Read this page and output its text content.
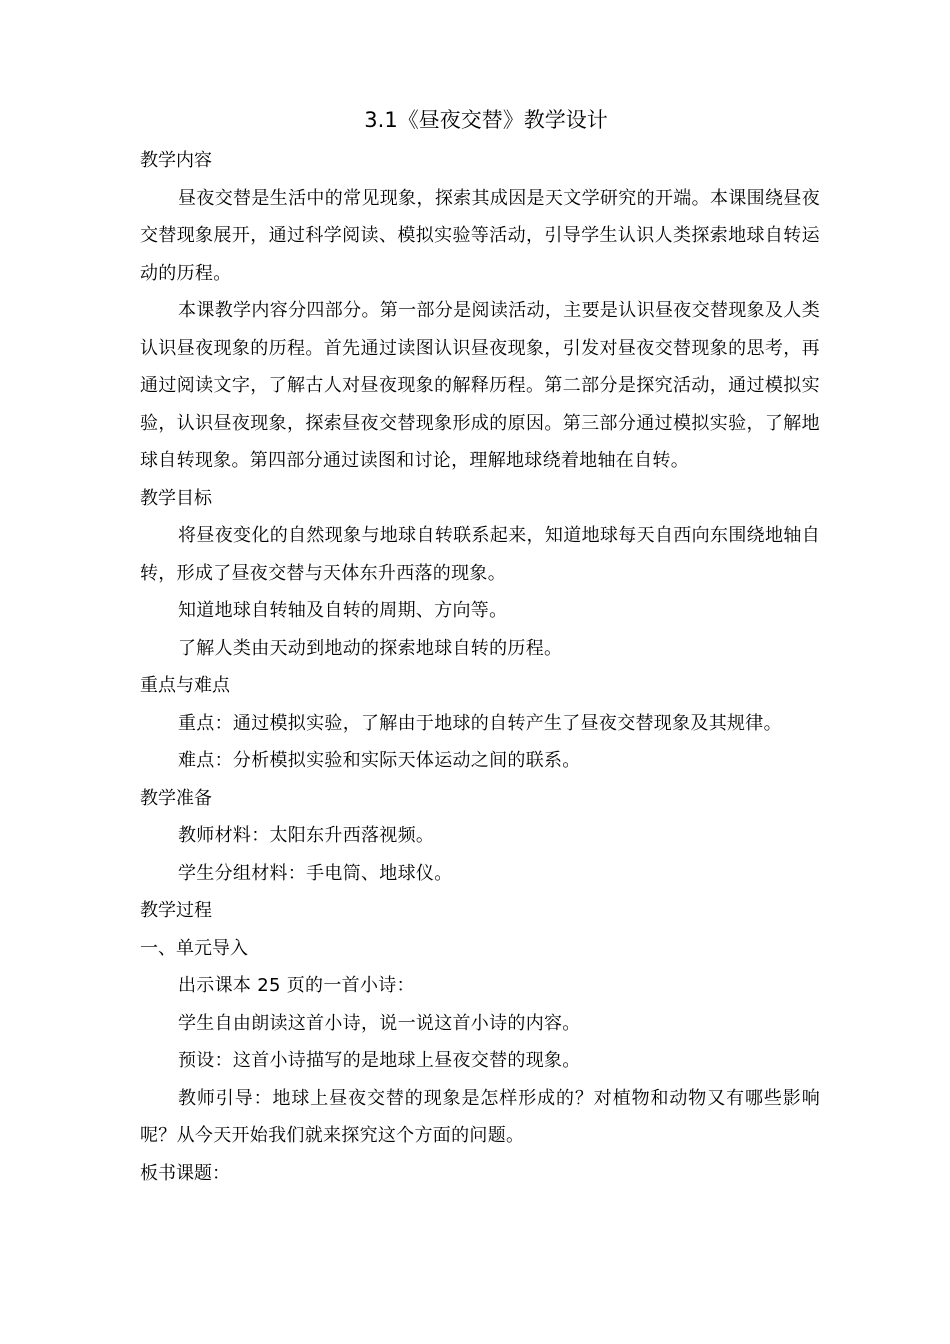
3.1《昼夜交替》教学设计
教学内容

昼夜交替是生活中的常见现象，探索其成因是天文学研究的开端。本课围绕昼夜交替现象展开，通过科学阅读、模拟实验等活动，引导学生认识人类探索地球自转运动的历程。

本课教学内容分四部分。第一部分是阅读活动，主要是认识昼夜交替现象及人类认识昼夜现象的历程。首先通过读图认识昼夜现象，引发对昼夜交替现象的思考，再通过阅读文字，了解古人对昼夜现象的解释历程。第二部分是探究活动，通过模拟实验，认识昼夜现象，探索昼夜交替现象形成的原因。第三部分通过模拟实验，了解地球自转现象。第四部分通过读图和讨论，理解地球绕着地轴在自转。

教学目标

将昼夜变化的自然现象与地球自转联系起来，知道地球每天自西向东围绕地轴自转，形成了昼夜交替与天体东升西落的现象。

知道地球自转轴及自转的周期、方向等。

了解人类由天动到地动的探索地球自转的历程。

重点与难点

重点：通过模拟实验，了解由于地球的自转产生了昼夜交替现象及其规律。

难点：分析模拟实验和实际天体运动之间的联系。

教学准备

教师材料：太阳东升西落视频。

学生分组材料：手电筒、地球仪。

教学过程
一、单元导入

出示课本 25 页的一首小诗：

学生自由朗读这首小诗，说一说这首小诗的内容。

预设：这首小诗描写的是地球上昼夜交替的现象。

教师引导：地球上昼夜交替的现象是怎样形成的？对植物和动物又有哪些影响呢？从今天开始我们就来探究这个方面的问题。

板书课题：
